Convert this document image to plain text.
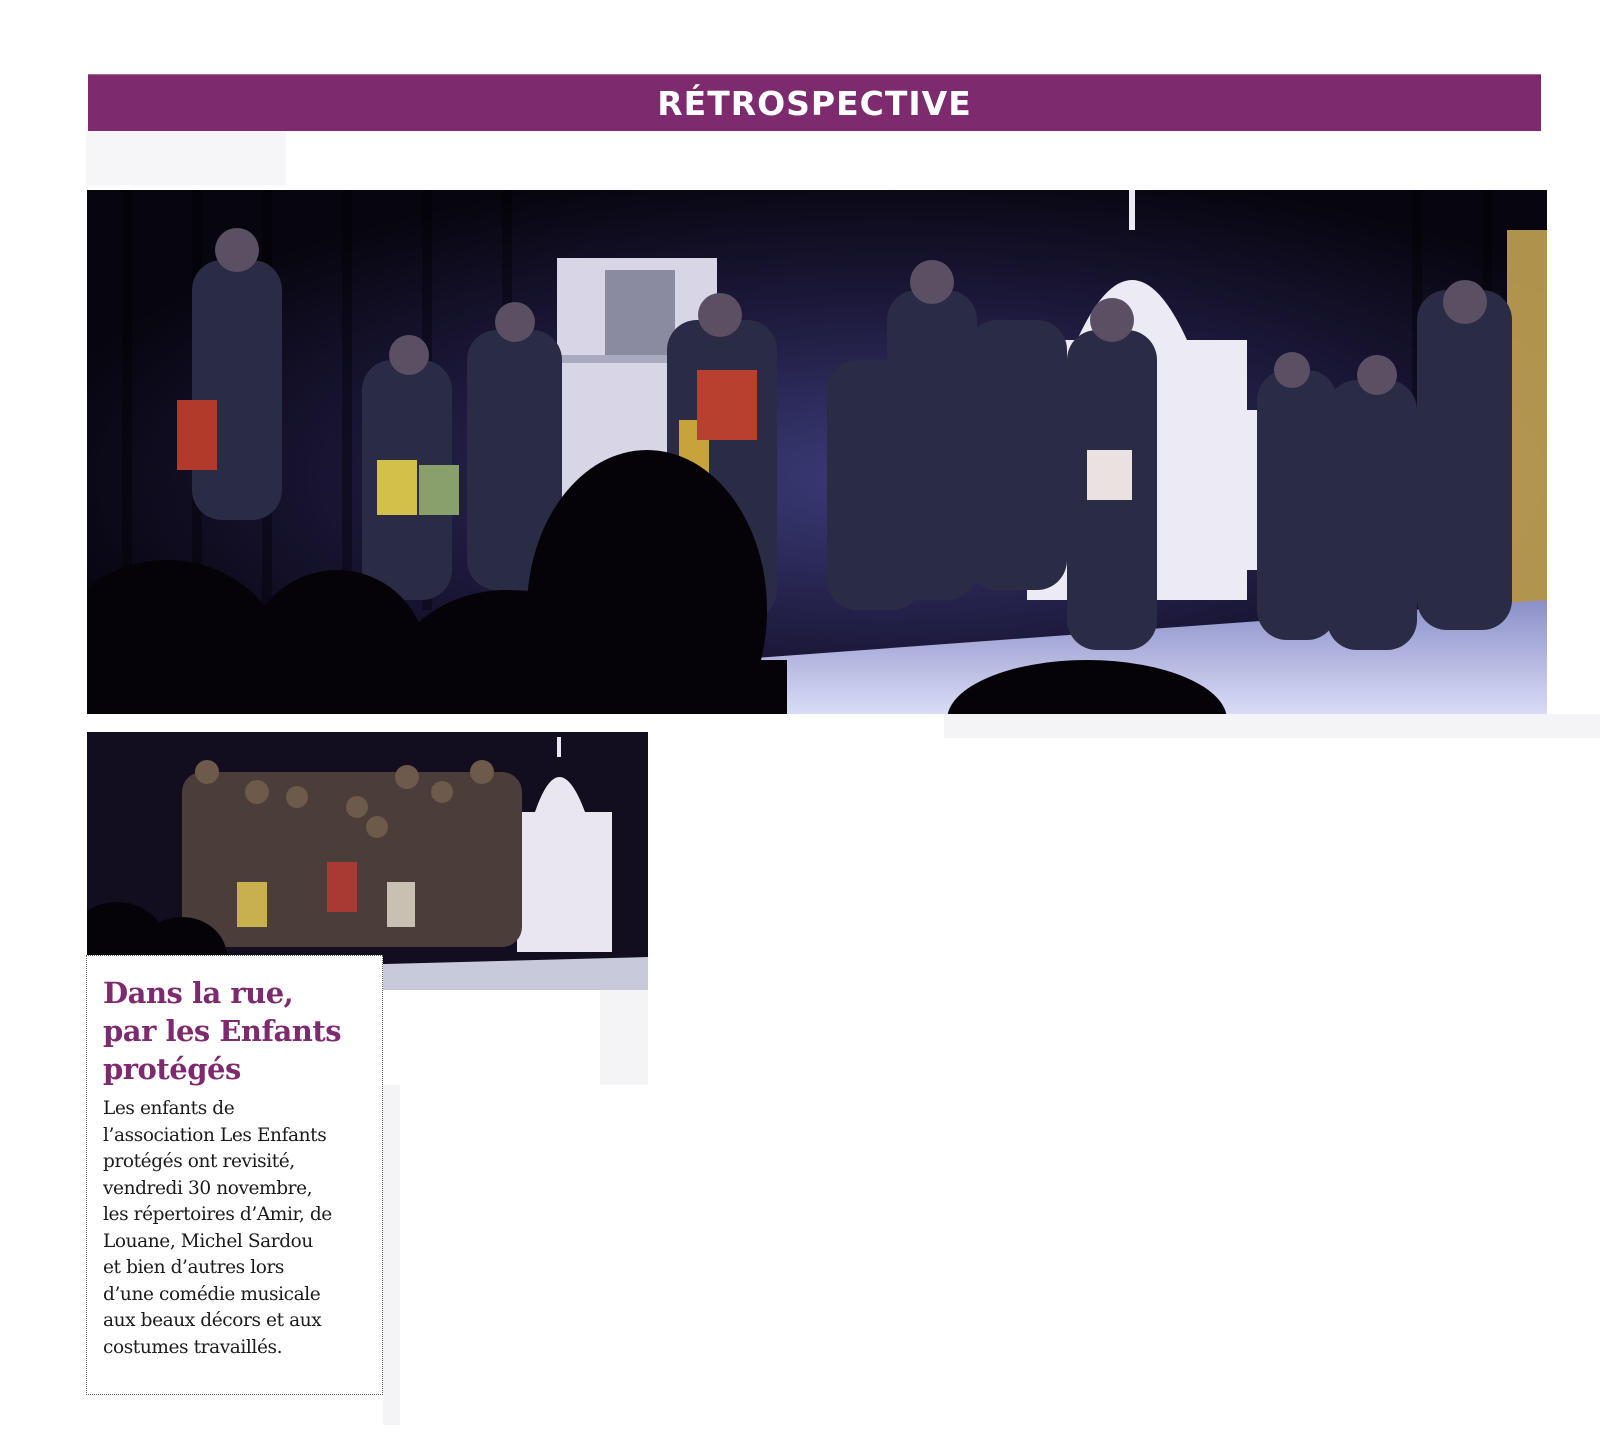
RÉTROSPECTIVE
Dans la rue,
par les Enfants
protégés

Les enfants de
l’association Les Enfants
protégés ont revisité,
vendredi 30 novembre,
les répertoires d’Amir, de
Louane, Michel Sardou
et bien d’autres lors
d’une comédie musicale
aux beaux décors et aux
costumes travaillés.
